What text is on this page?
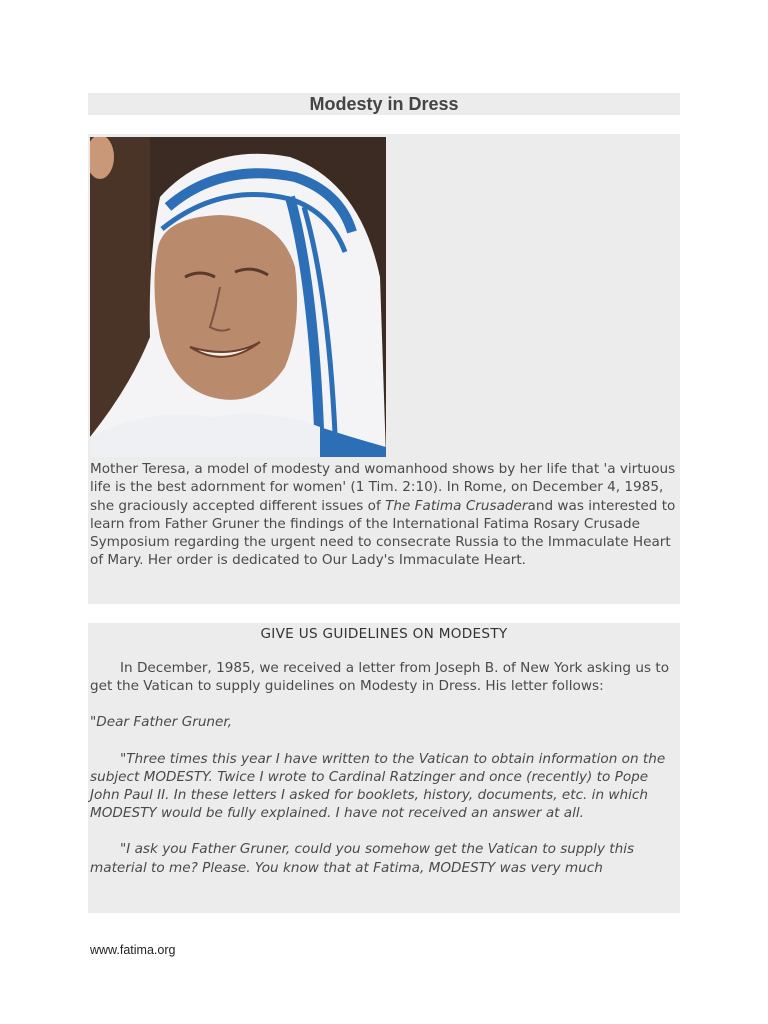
Modesty in Dress

Mother Teresa, a model of modesty and womanhood shows by her life that 'a virtuous life is the best adornment for women' (1 Tim. 2:10). In Rome, on December 4, 1985, she graciously accepted different issues of The Fatima Crusaderand was interested to learn from Father Gruner the findings of the International Fatima Rosary Crusade Symposium regarding the urgent need to consecrate Russia to the Immaculate Heart of Mary. Her order is dedicated to Our Lady's Immaculate Heart.

GIVE US GUIDELINES ON MODESTY

In December, 1985, we received a letter from Joseph B. of New York asking us to get the Vatican to supply guidelines on Modesty in Dress. His letter follows:

"Dear Father Gruner,

"Three times this year I have written to the Vatican to obtain information on the subject MODESTY. Twice I wrote to Cardinal Ratzinger and once (recently) to Pope John Paul II. In these letters I asked for booklets, history, documents, etc. in which MODESTY would be fully explained. I have not received an answer at all.

"I ask you Father Gruner, could you somehow get the Vatican to supply this material to me? Please. You know that at Fatima, MODESTY was very much

www.fatima.org
